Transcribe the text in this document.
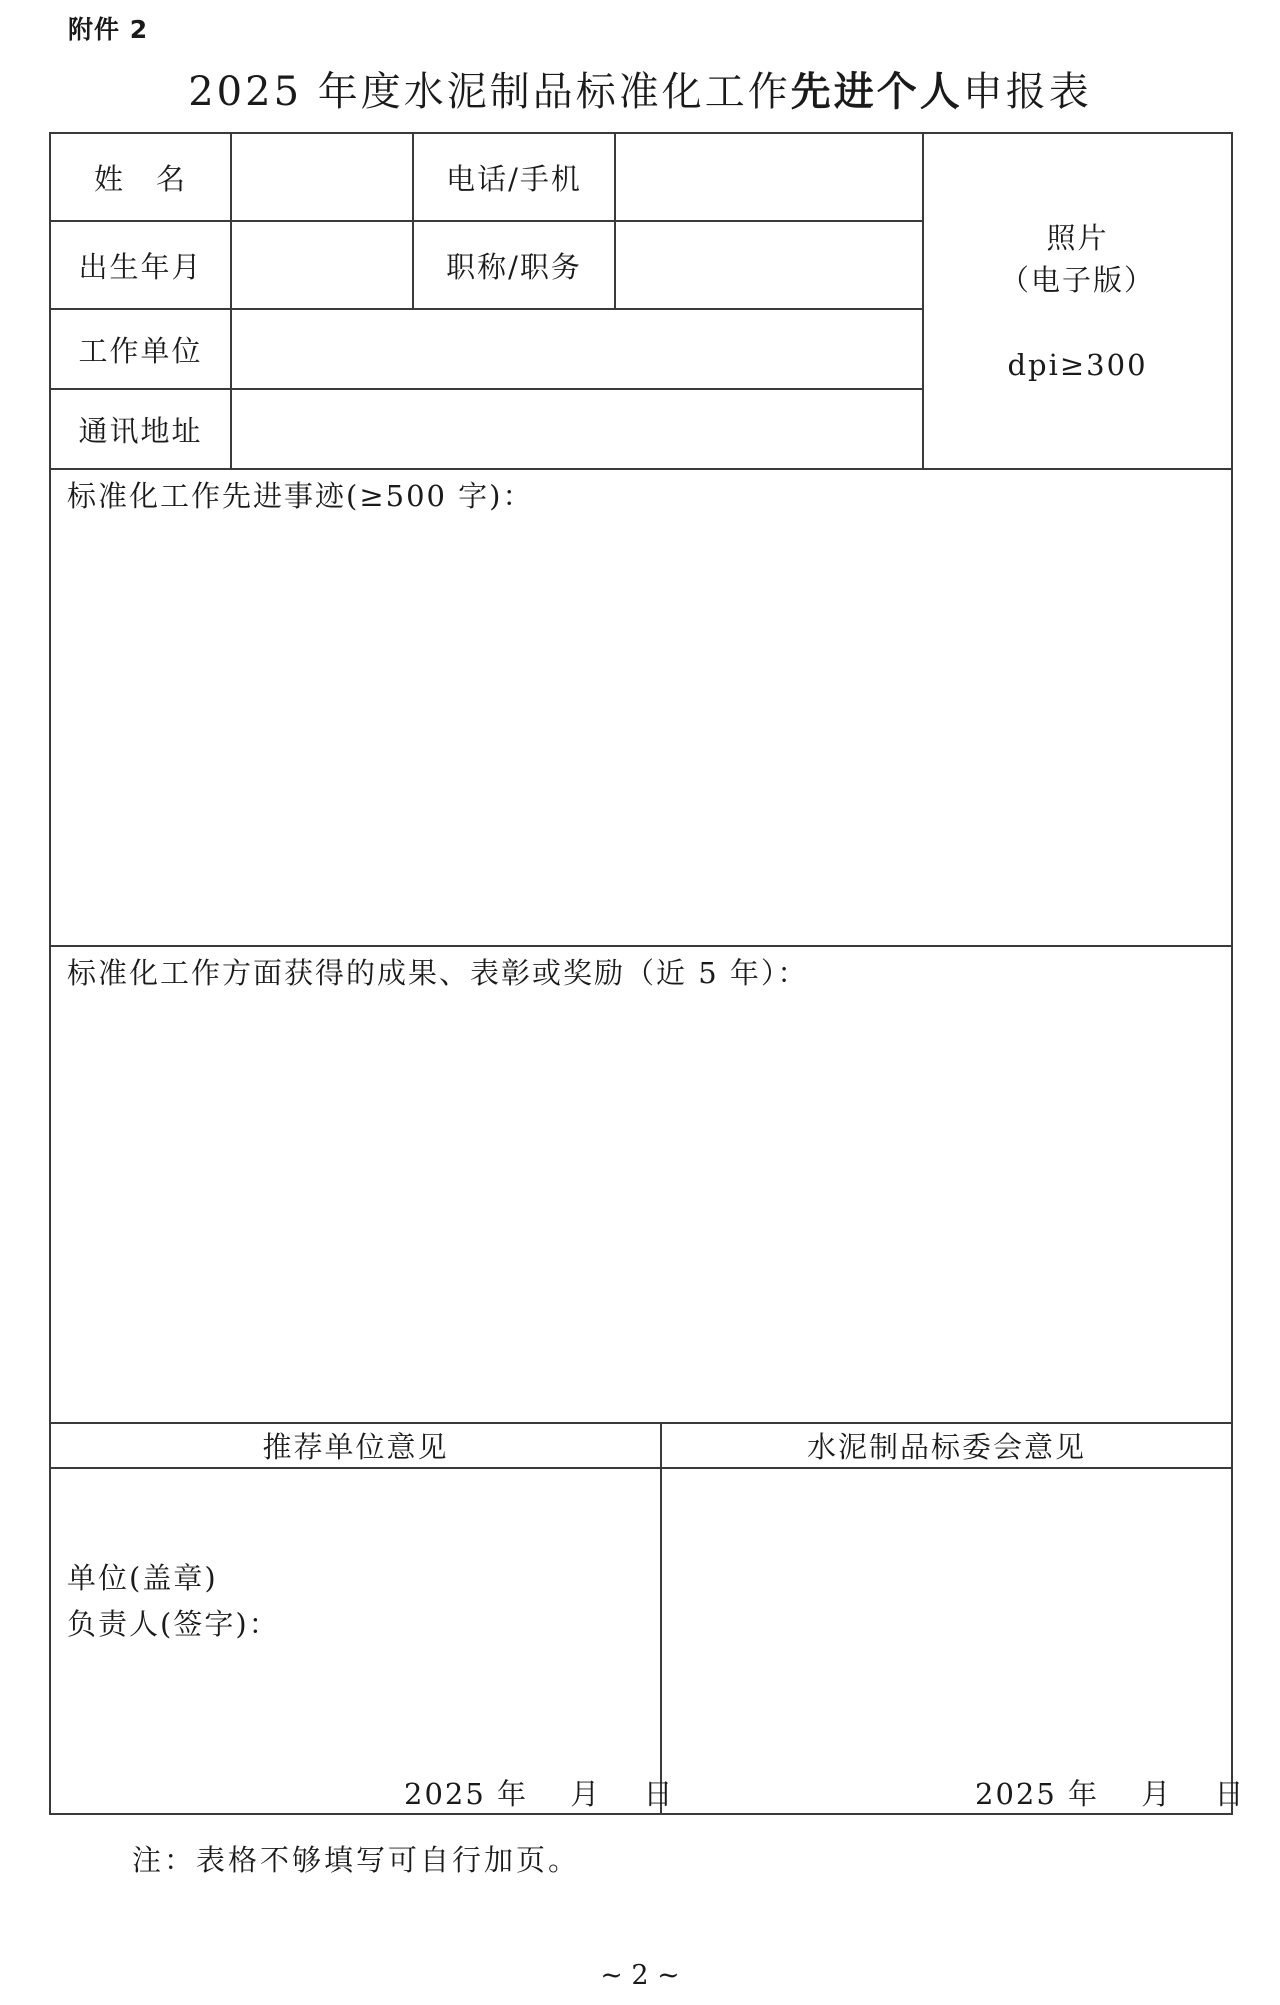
附件 2
2025 年度水泥制品标准化工作先进个人申报表
姓　名	电话/手机
出生年月	职称/职务
工作单位
通讯地址
照片
（电子版）
dpi≥300
标准化工作先进事迹(≥500 字)：
标准化工作方面获得的成果、表彰或奖励（近 5 年）：
推荐单位意见	水泥制品标委会意见
单位(盖章)
负责人(签字)：
2025 年　 月　 日	2025 年　 月　 日
注：表格不够填写可自行加页。
~ 2 ~
